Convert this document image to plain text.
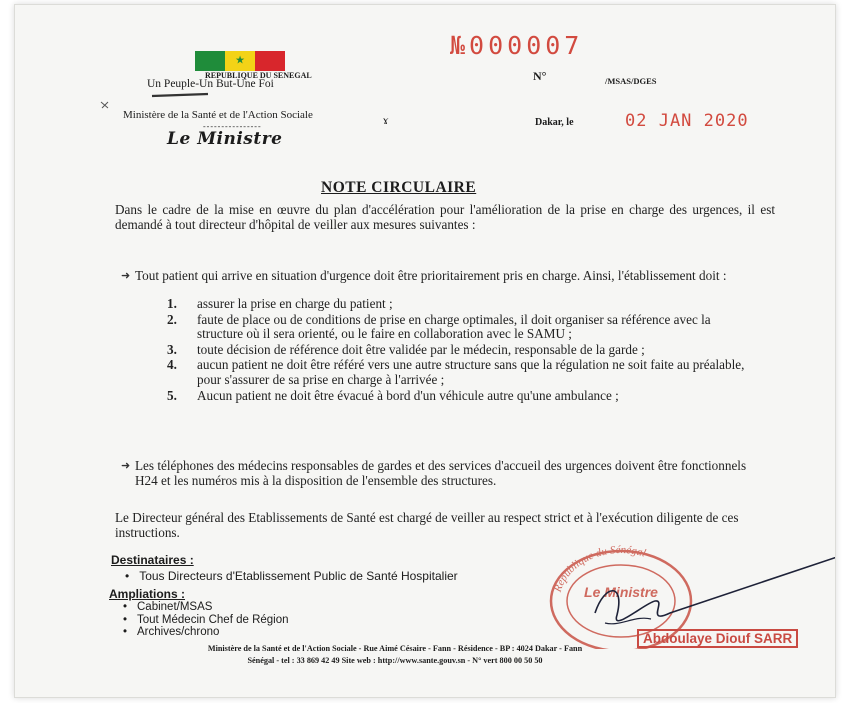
★
REPUBLIQUE DU SENEGAL
Un Peuple-Un But-Une Foi
Ministère de la Santé et de l'Action Sociale	ɤ
----------------
Le Ministre
№000007
N°	/MSAS/DGES
Dakar, le	02 JAN 2020
NOTE CIRCULAIRE
Dans le cadre de la mise en œuvre du plan d'accélération pour l'amélioration de la prise en charge des urgences, il est demandé à tout directeur d'hôpital de veiller aux mesures suivantes :
➜ Tout patient qui arrive en situation d'urgence doit être prioritairement pris en charge. Ainsi, l'établissement doit :
1. assurer la prise en charge du patient ;
2. faute de place ou de conditions de prise en charge optimales, il doit organiser sa référence avec la structure où il sera orienté, ou le faire en collaboration avec le SAMU ;
3. toute décision de référence doit être validée par le médecin, responsable de la garde ;
4. aucun patient ne doit être référé vers une autre structure sans que la régulation ne soit faite au préalable, pour s'assurer de sa prise en charge à l'arrivée ;
5. Aucun patient ne doit être évacué à bord d'un véhicule autre qu'une ambulance ;
➜ Les téléphones des médecins responsables de gardes et des services d'accueil des urgences doivent être fonctionnels H24 et les numéros mis à la disposition de l'ensemble des structures.
Le Directeur général des Etablissements de Santé est chargé de veiller au respect strict et à l'exécution diligente de ces instructions.
Destinataires :
•   Tous Directeurs d'Etablissement Public de Santé Hospitalier
Ampliations :
• Cabinet/MSAS
• Tout Médecin Chef de Région
• Archives/chrono
République du Sénégal
Le Ministre
Abdoulaye Diouf SARR
Ministère de la Santé et de l'Action Sociale - Rue Aimé Césaire - Fann - Résidence - BP : 4024 Dakar - Fann
Sénégal - tel : 33 869 42 49 Site web : http://www.sante.gouv.sn - N° vert 800 00 50 50
